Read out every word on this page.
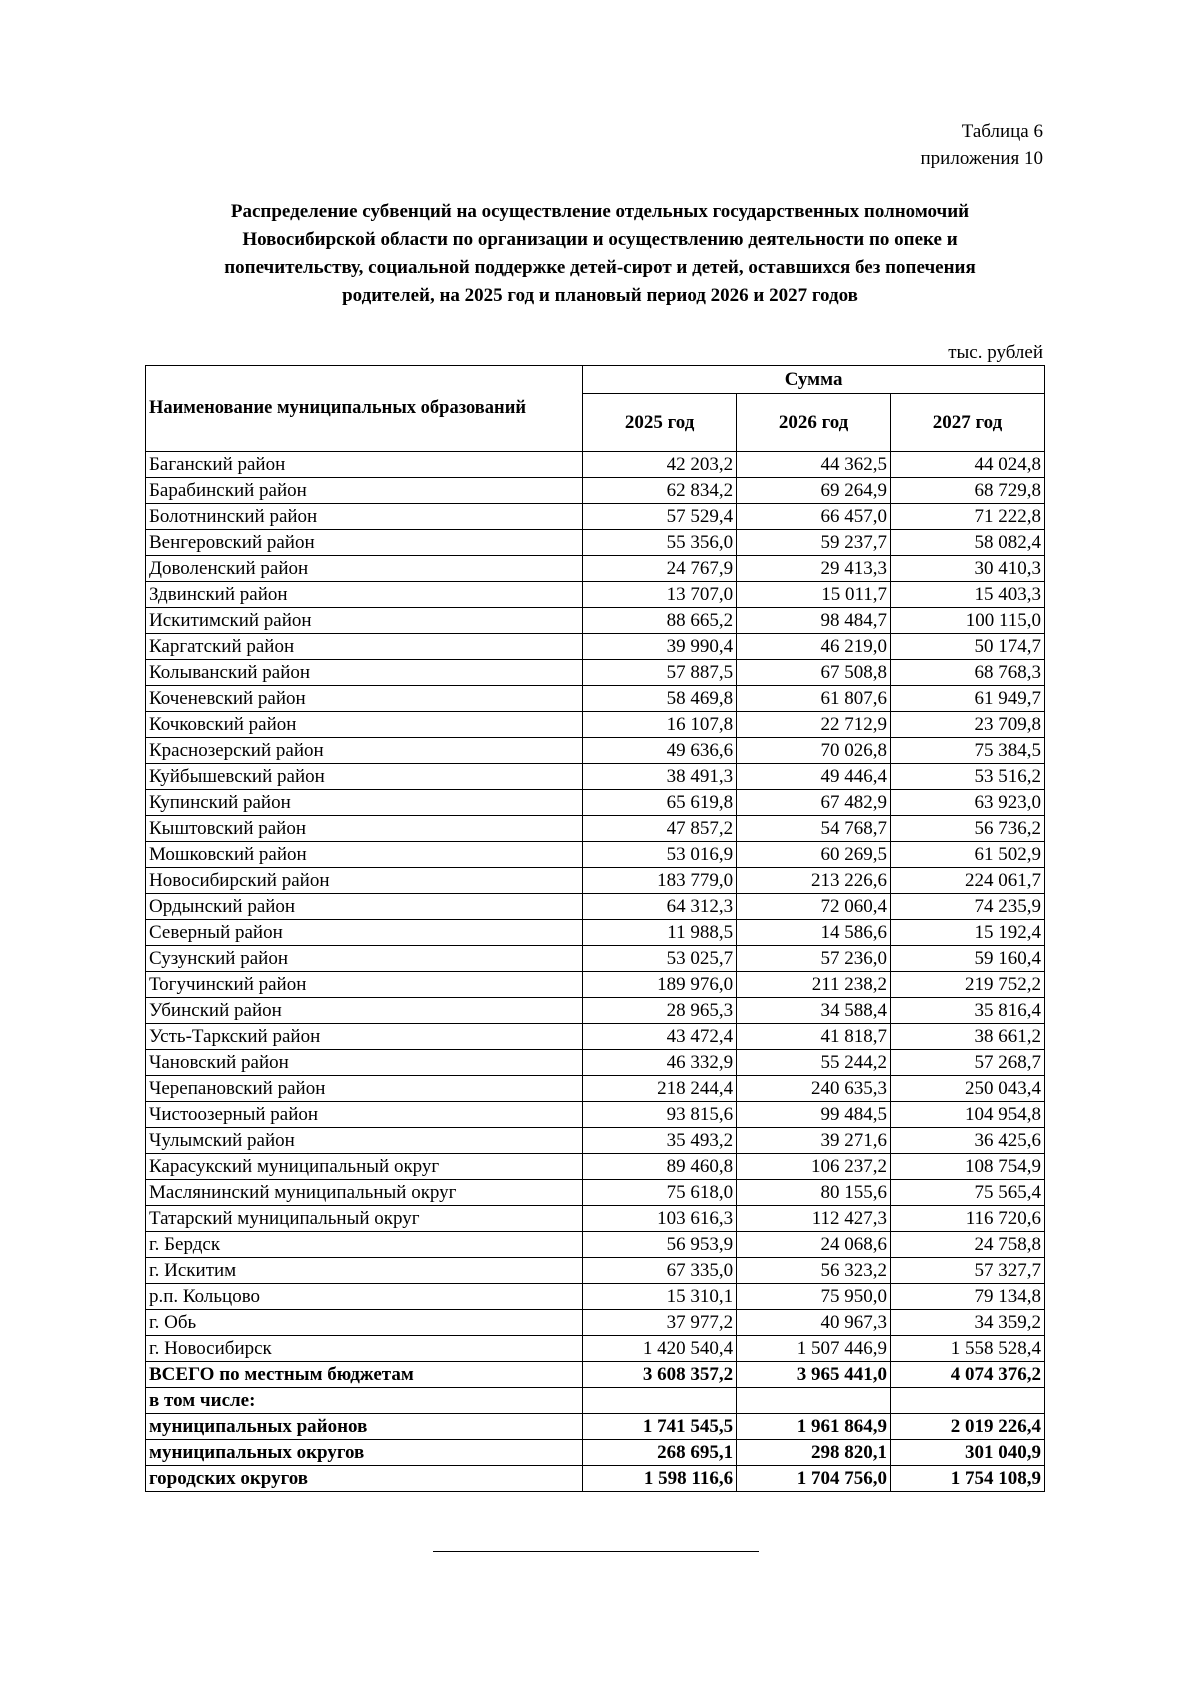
Таблица 6
приложения 10
Распределение субвенций на осуществление отдельных государственных полномочий
Новосибирской области по организации и осуществлению деятельности по опеке и
попечительству, социальной поддержке детей-сирот и детей, оставшихся без попечения
родителей, на 2025 год и плановый период 2026 и 2027 годов
тыс. рублей
Наименование муниципальных образований	Сумма		
	2025 год	2026 год	2027 год
Баганский район	42 203,2	44 362,5	44 024,8
Барабинский район	62 834,2	69 264,9	68 729,8
Болотнинский район	57 529,4	66 457,0	71 222,8
Венгеровский район	55 356,0	59 237,7	58 082,4
Доволенский район	24 767,9	29 413,3	30 410,3
Здвинский район	13 707,0	15 011,7	15 403,3
Искитимский район	88 665,2	98 484,7	100 115,0
Каргатский район	39 990,4	46 219,0	50 174,7
Колыванский район	57 887,5	67 508,8	68 768,3
Коченевский район	58 469,8	61 807,6	61 949,7
Кочковский район	16 107,8	22 712,9	23 709,8
Краснозерский район	49 636,6	70 026,8	75 384,5
Куйбышевский район	38 491,3	49 446,4	53 516,2
Купинский район	65 619,8	67 482,9	63 923,0
Кыштовский район	47 857,2	54 768,7	56 736,2
Мошковский район	53 016,9	60 269,5	61 502,9
Новосибирский район	183 779,0	213 226,6	224 061,7
Ордынский район	64 312,3	72 060,4	74 235,9
Северный район	11 988,5	14 586,6	15 192,4
Сузунский район	53 025,7	57 236,0	59 160,4
Тогучинский район	189 976,0	211 238,2	219 752,2
Убинский район	28 965,3	34 588,4	35 816,4
Усть-Таркский район	43 472,4	41 818,7	38 661,2
Чановский район	46 332,9	55 244,2	57 268,7
Черепановский район	218 244,4	240 635,3	250 043,4
Чистоозерный район	93 815,6	99 484,5	104 954,8
Чулымский район	35 493,2	39 271,6	36 425,6
Карасукский муниципальный округ	89 460,8	106 237,2	108 754,9
Маслянинский муниципальный округ	75 618,0	80 155,6	75 565,4
Татарский муниципальный округ	103 616,3	112 427,3	116 720,6
г. Бердск	56 953,9	24 068,6	24 758,8
г. Искитим	67 335,0	56 323,2	57 327,7
р.п. Кольцово	15 310,1	75 950,0	79 134,8
г. Обь	37 977,2	40 967,3	34 359,2
г. Новосибирск	1 420 540,4	1 507 446,9	1 558 528,4
ВСЕГО по местным бюджетам	3 608 357,2	3 965 441,0	4 074 376,2
в том числе:			
муниципальных районов	1 741 545,5	1 961 864,9	2 019 226,4
муниципальных округов	268 695,1	298 820,1	301 040,9
городских округов	1 598 116,6	1 704 756,0	1 754 108,9
